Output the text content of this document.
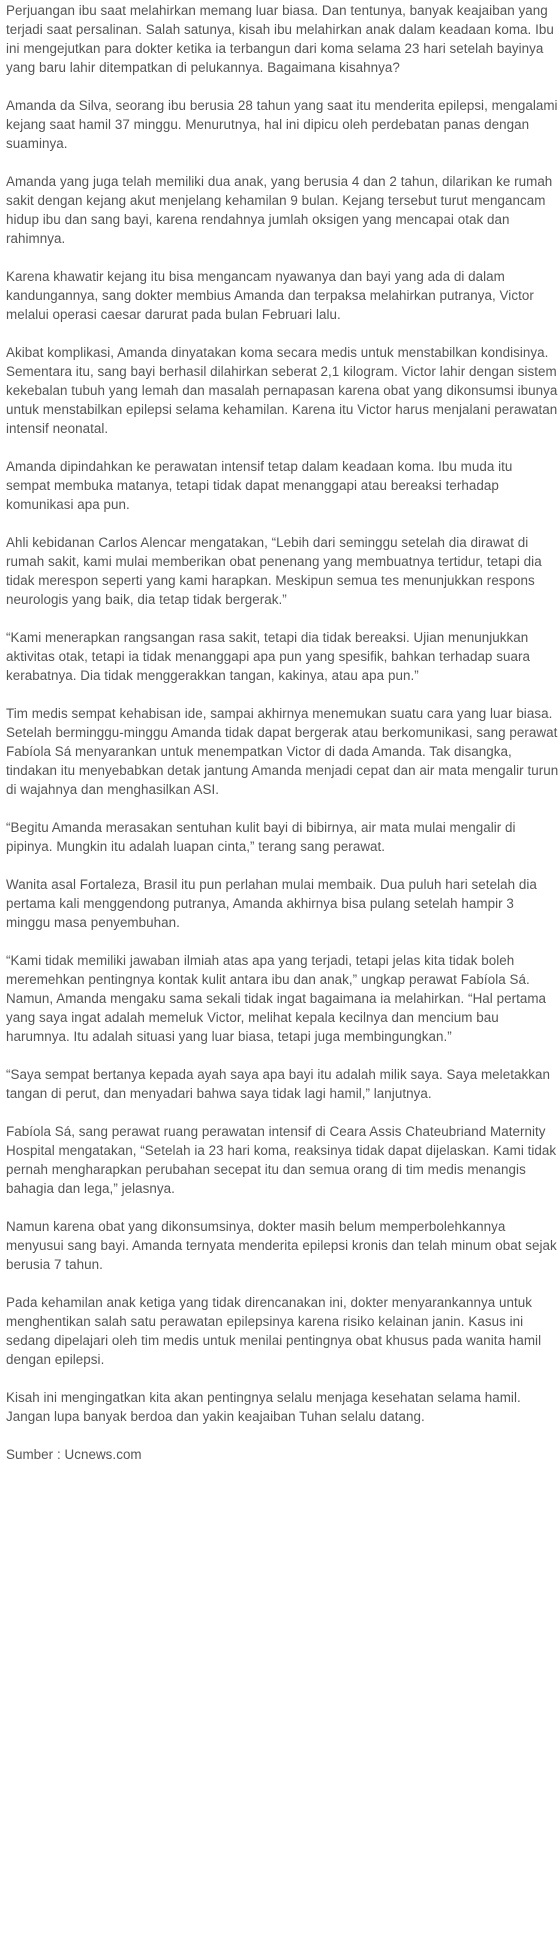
Perjuangan ibu saat melahirkan memang luar biasa. Dan tentunya, banyak keajaiban yang terjadi saat persalinan. Salah satunya, kisah ibu melahirkan anak dalam keadaan koma. Ibu ini mengejutkan para dokter ketika ia terbangun dari koma selama 23 hari setelah bayinya yang baru lahir ditempatkan di pelukannya. Bagaimana kisahnya?

Amanda da Silva, seorang ibu berusia 28 tahun yang saat itu menderita epilepsi, mengalami kejang saat hamil 37 minggu. Menurutnya, hal ini dipicu oleh perdebatan panas dengan suaminya.

Amanda yang juga telah memiliki dua anak, yang berusia 4 dan 2 tahun, dilarikan ke rumah sakit dengan kejang akut menjelang kehamilan 9 bulan. Kejang tersebut turut mengancam hidup ibu dan sang bayi, karena rendahnya jumlah oksigen yang mencapai otak dan rahimnya.

Karena khawatir kejang itu bisa mengancam nyawanya dan bayi yang ada di dalam kandungannya, sang dokter membius Amanda dan terpaksa melahirkan putranya, Victor melalui operasi caesar darurat pada bulan Februari lalu.

Akibat komplikasi, Amanda dinyatakan koma secara medis untuk menstabilkan kondisinya. Sementara itu, sang bayi berhasil dilahirkan seberat 2,1 kilogram. Victor lahir dengan sistem kekebalan tubuh yang lemah dan masalah pernapasan karena obat yang dikonsumsi ibunya untuk menstabilkan epilepsi selama kehamilan. Karena itu Victor harus menjalani perawatan intensif neonatal.

Amanda dipindahkan ke perawatan intensif tetap dalam keadaan koma. Ibu muda itu sempat membuka matanya, tetapi tidak dapat menanggapi atau bereaksi terhadap komunikasi apa pun.

Ahli kebidanan Carlos Alencar mengatakan, “Lebih dari seminggu setelah dia dirawat di rumah sakit, kami mulai memberikan obat penenang yang membuatnya tertidur, tetapi dia tidak merespon seperti yang kami harapkan. Meskipun semua tes menunjukkan respons neurologis yang baik, dia tetap tidak bergerak.”

“Kami menerapkan rangsangan rasa sakit, tetapi dia tidak bereaksi. Ujian menunjukkan aktivitas otak, tetapi ia tidak menanggapi apa pun yang spesifik, bahkan terhadap suara kerabatnya. Dia tidak menggerakkan tangan, kakinya, atau apa pun.”

Tim medis sempat kehabisan ide, sampai akhirnya menemukan suatu cara yang luar biasa. Setelah berminggu-minggu Amanda tidak dapat bergerak atau berkomunikasi, sang perawat Fabíola Sá menyarankan untuk menempatkan Victor di dada Amanda. Tak disangka, tindakan itu menyebabkan detak jantung Amanda menjadi cepat dan air mata mengalir turun di wajahnya dan menghasilkan ASI.

“Begitu Amanda merasakan sentuhan kulit bayi di bibirnya, air mata mulai mengalir di pipinya. Mungkin itu adalah luapan cinta,” terang sang perawat.

Wanita asal Fortaleza, Brasil itu pun perlahan mulai membaik. Dua puluh hari setelah dia pertama kali menggendong putranya, Amanda akhirnya bisa pulang setelah hampir 3 minggu masa penyembuhan.

“Kami tidak memiliki jawaban ilmiah atas apa yang terjadi, tetapi jelas kita tidak boleh meremehkan pentingnya kontak kulit antara ibu dan anak,” ungkap perawat Fabíola Sá. Namun, Amanda mengaku sama sekali tidak ingat bagaimana ia melahirkan. “Hal pertama yang saya ingat adalah memeluk Victor, melihat kepala kecilnya dan mencium bau harumnya. Itu adalah situasi yang luar biasa, tetapi juga membingungkan.”

“Saya sempat bertanya kepada ayah saya apa bayi itu adalah milik saya. Saya meletakkan tangan di perut, dan menyadari bahwa saya tidak lagi hamil,” lanjutnya.

Fabíola Sá, sang perawat ruang perawatan intensif di Ceara Assis Chateubriand Maternity Hospital mengatakan, “Setelah ia 23 hari koma, reaksinya tidak dapat dijelaskan. Kami tidak pernah mengharapkan perubahan secepat itu dan semua orang di tim medis menangis bahagia dan lega,” jelasnya.

Namun karena obat yang dikonsumsinya, dokter masih belum memperbolehkannya menyusui sang bayi. Amanda ternyata menderita epilepsi kronis dan telah minum obat sejak berusia 7 tahun.

Pada kehamilan anak ketiga yang tidak direncanakan ini, dokter menyarankannya untuk menghentikan salah satu perawatan epilepsinya karena risiko kelainan janin. Kasus ini sedang dipelajari oleh tim medis untuk menilai pentingnya obat khusus pada wanita hamil dengan epilepsi.

Kisah ini mengingatkan kita akan pentingnya selalu menjaga kesehatan selama hamil. Jangan lupa banyak berdoa dan yakin keajaiban Tuhan selalu datang.

Sumber : Ucnews.com
